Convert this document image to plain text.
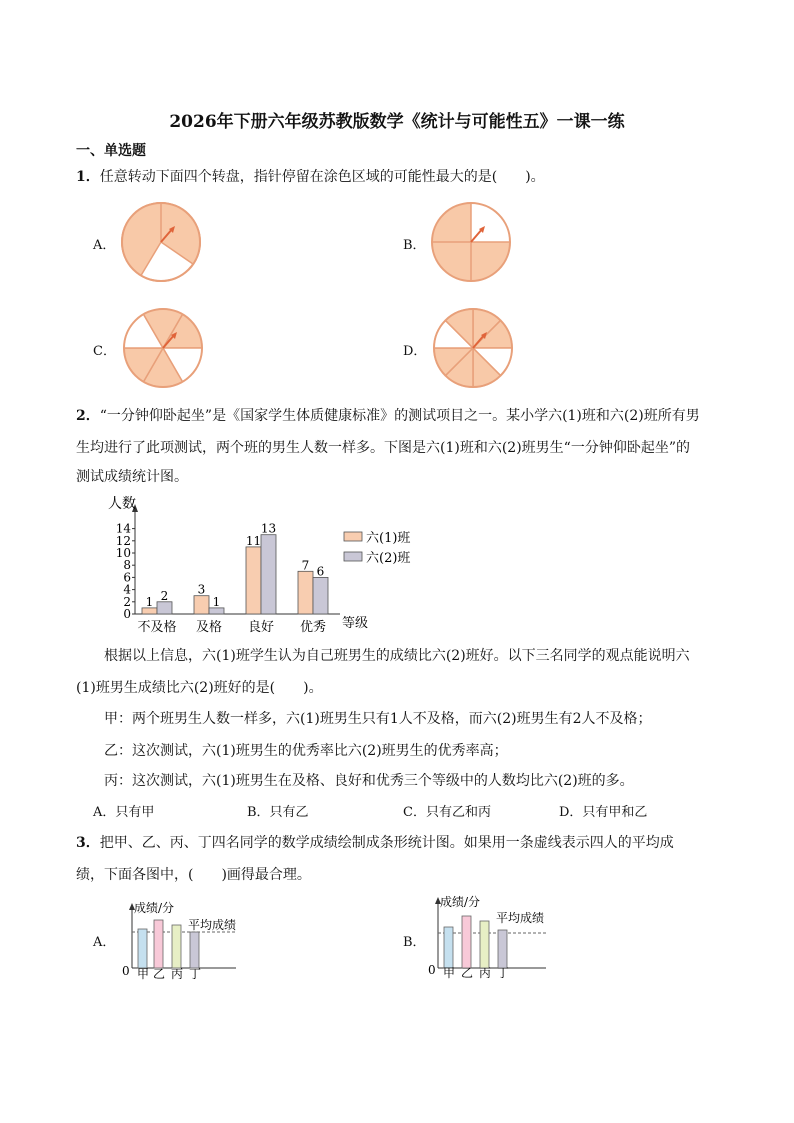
2026年下册六年级苏教版数学《统计与可能性五》一课一练
一、单选题
1．任意转动下面四个转盘，指针停留在涂色区域的可能性最大的是(　　)。
A．	B．
C．	D．
2．“一分钟仰卧起坐”是《国家学生体质健康标准》的测试项目之一。某小学六(1)班和六(2)班所有男
生均进行了此项测试，两个班的男生人数一样多。下图是六(1)班和六(2)班男生“一分钟仰卧起坐”的
测试成绩统计图。
人数
等级
0
2
4
6
8
10
12
14
1 2
不及格
3
1
及格
11
13
良好
7 6
优秀
六(1)班
六(2)班
根据以上信息，六(1)班学生认为自己班男生的成绩比六(2)班好。以下三名同学的观点能说明六
(1)班男生成绩比六(2)班好的是(　　)。
甲：两个班男生人数一样多，六(1)班男生只有1人不及格，而六(2)班男生有2人不及格；
乙：这次测试，六(1)班男生的优秀率比六(2)班男生的优秀率高；
丙：这次测试，六(1)班男生在及格、良好和优秀三个等级中的人数均比六(2)班的多。
A．只有甲	B．只有乙	C．只有乙和丙	D．只有甲和乙
3．把甲、乙、丙、丁四名同学的数学成绩绘制成条形统计图。如果用一条虚线表示四人的平均成
绩，下面各图中，(　　)画得最合理。
A．	B．
成绩/分
平均成绩
0 甲 乙 丙 丁
成绩/分
平均成绩
0 甲 乙 丙 丁
